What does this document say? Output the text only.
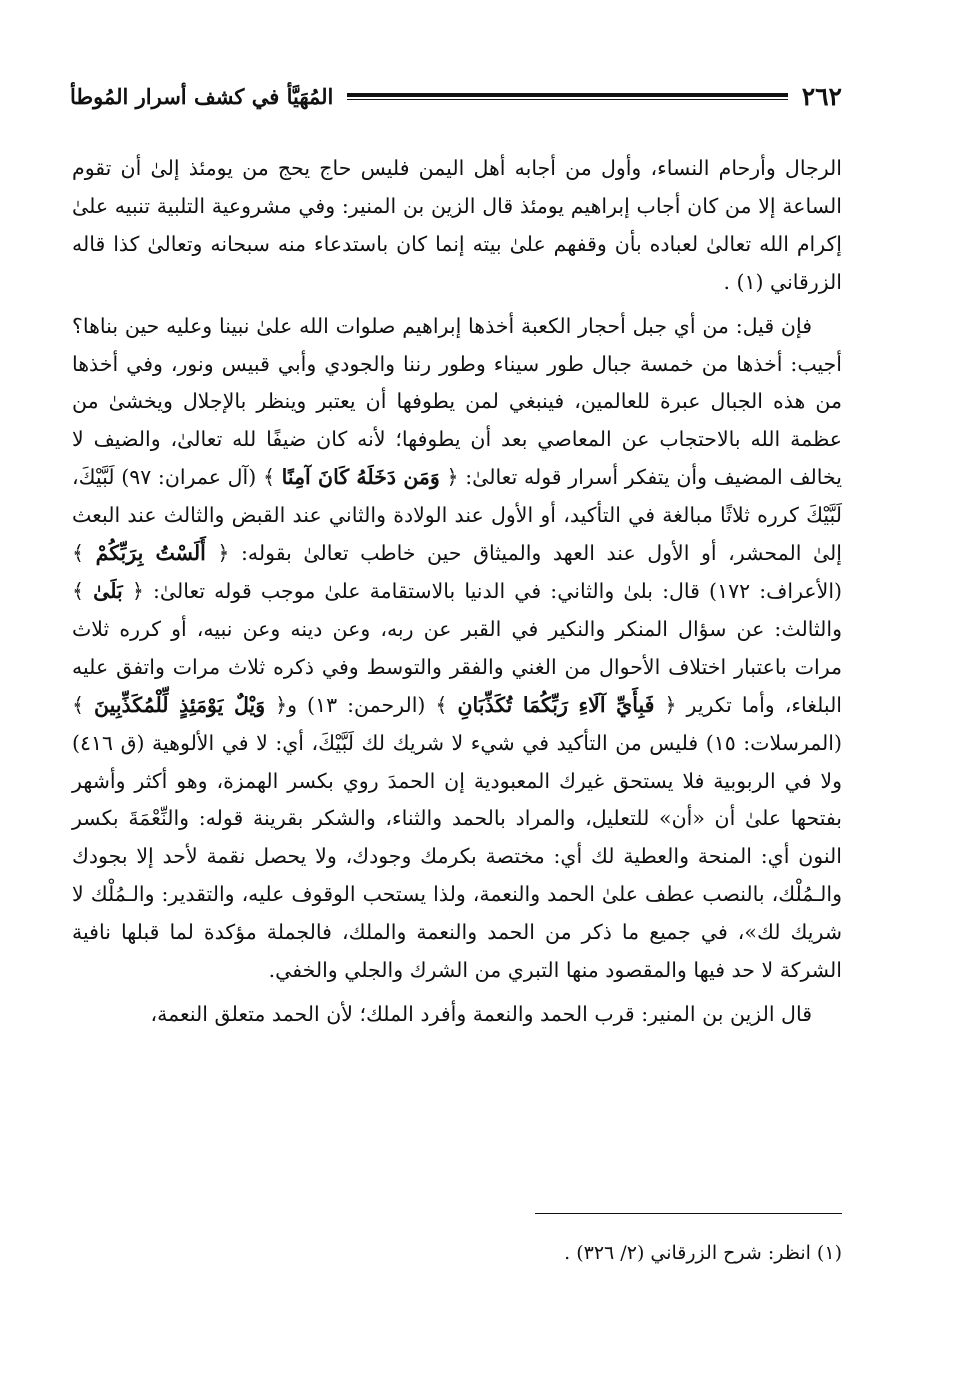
٢٦٢
المُهَيَّأ في كشف أسرار المُوطأ

الرجال وأرحام النساء، وأول من أجابه أهل اليمن فليس حاج يحج من يومئذ إلىٰ أن تقوم الساعة إلا من كان أجاب إبراهيم يومئذ قال الزين بن المنير: وفي مشروعية التلبية تنبيه علىٰ إكرام الله تعالىٰ لعباده بأن وقفهم علىٰ بيته إنما كان باستدعاء منه سبحانه وتعالىٰ كذا قاله الزرقاني (١) .

فإن قيل: من أي جبل أحجار الكعبة أخذها إبراهيم صلوات الله علىٰ نبينا وعليه حين بناها؟ أجيب: أخذها من خمسة جبال طور سيناء وطور رننا والجودي وأبي قبيس ونور، وفي أخذها من هذه الجبال عبرة للعالمين، فينبغي لمن يطوفها أن يعتبر وينظر بالإجلال ويخشىٰ من عظمة الله بالاحتجاب عن المعاصي بعد أن يطوفها؛ لأنه كان ضيفًا لله تعالىٰ، والضيف لا يخالف المضيف وأن يتفكر أسرار قوله تعالىٰ: ﴿ وَمَن دَخَلَهُ كَانَ آمِنًا ﴾ (آل عمران: ٩٧) لَبَّيْكَ، لَبَّيْكَ كرره ثلاثًا مبالغة في التأكيد، أو الأول عند الولادة والثاني عند القبض والثالث عند البعث إلىٰ المحشر، أو الأول عند العهد والميثاق حين خاطب تعالىٰ بقوله: ﴿ أَلَسْتُ بِرَبِّكُمْ ﴾ (الأعراف: ١٧٢) قال: بلىٰ والثاني: في الدنيا بالاستقامة علىٰ موجب قوله تعالىٰ: ﴿ بَلَىٰ ﴾ والثالث: عن سؤال المنكر والنكير في القبر عن ربه، وعن دينه وعن نبيه، أو كرره ثلاث مرات باعتبار اختلاف الأحوال من الغني والفقر والتوسط وفي ذكره ثلاث مرات واتفق عليه البلغاء، وأما تكرير ﴿ فَبِأَيِّ آلَاءِ رَبِّكُمَا تُكَذِّبَانِ ﴾ (الرحمن: ١٣) و﴿ وَيْلٌ يَوْمَئِذٍ لِّلْمُكَذِّبِينَ ﴾ (المرسلات: ١٥) فليس من التأكيد في شيء لا شريك لك لَبَّيْكَ، أي: لا في الألوهية (ق ٤١٦) ولا في الربوبية فلا يستحق غيرك المعبودية إن الحمدَ روي بكسر الهمزة، وهو أكثر وأشهر بفتحها علىٰ أن «أن» للتعليل، والمراد بالحمد والثناء، والشكر بقرينة قوله: والنِّعْمَةَ بكسر النون أي: المنحة والعطية لك أي: مختصة بكرمك وجودك، ولا يحصل نقمة لأحد إلا بجودك والـمُلْك، بالنصب عطف علىٰ الحمد والنعمة، ولذا يستحب الوقوف عليه، والتقدير: والـمُلْك لا شريك لك»، في جميع ما ذكر من الحمد والنعمة والملك، فالجملة مؤكدة لما قبلها نافية الشركة لا حد فيها والمقصود منها التبري من الشرك والجلي والخفي.

قال الزين بن المنير: قرب الحمد والنعمة وأفرد الملك؛ لأن الحمد متعلق النعمة،

(١) انظر: شرح الزرقاني (٢/ ٣٢٦) .
